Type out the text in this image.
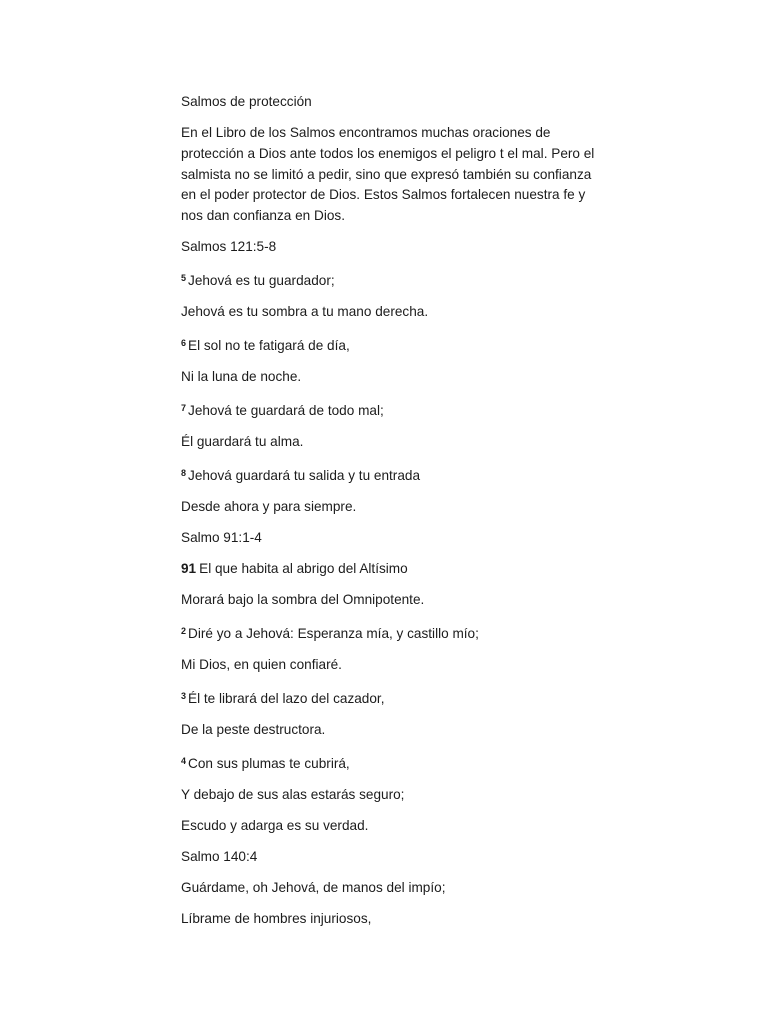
Salmos de protección
En el Libro de los Salmos encontramos muchas oraciones de protección a Dios ante todos los enemigos el peligro t el mal. Pero el salmista no se limitó a pedir, sino que expresó también su confianza en el poder protector de Dios. Estos Salmos fortalecen nuestra fe y nos dan confianza en Dios.
Salmos 121:5-8
$^5$ Jehová es tu guardador;
Jehová es tu sombra a tu mano derecha.
$^6$ El sol no te fatigará de día,
Ni la luna de noche.
$^7$ Jehová te guardará de todo mal;
Él guardará tu alma.
$^8$ Jehová guardará tu salida y tu entrada
Desde ahora y para siempre.
Salmo 91:1-4
91 El que habita al abrigo del Altísimo
Morará bajo la sombra del Omnipotente.
$^2$ Diré yo a Jehová: Esperanza mía, y castillo mío;
Mi Dios, en quien confiaré.
$^3$ Él te librará del lazo del cazador,
De la peste destructora.
$^4$ Con sus plumas te cubrirá,
Y debajo de sus alas estarás seguro;
Escudo y adarga es su verdad.
Salmo 140:4
Guárdame, oh Jehová, de manos del impío;
Líbrame de hombres injuriosos,
